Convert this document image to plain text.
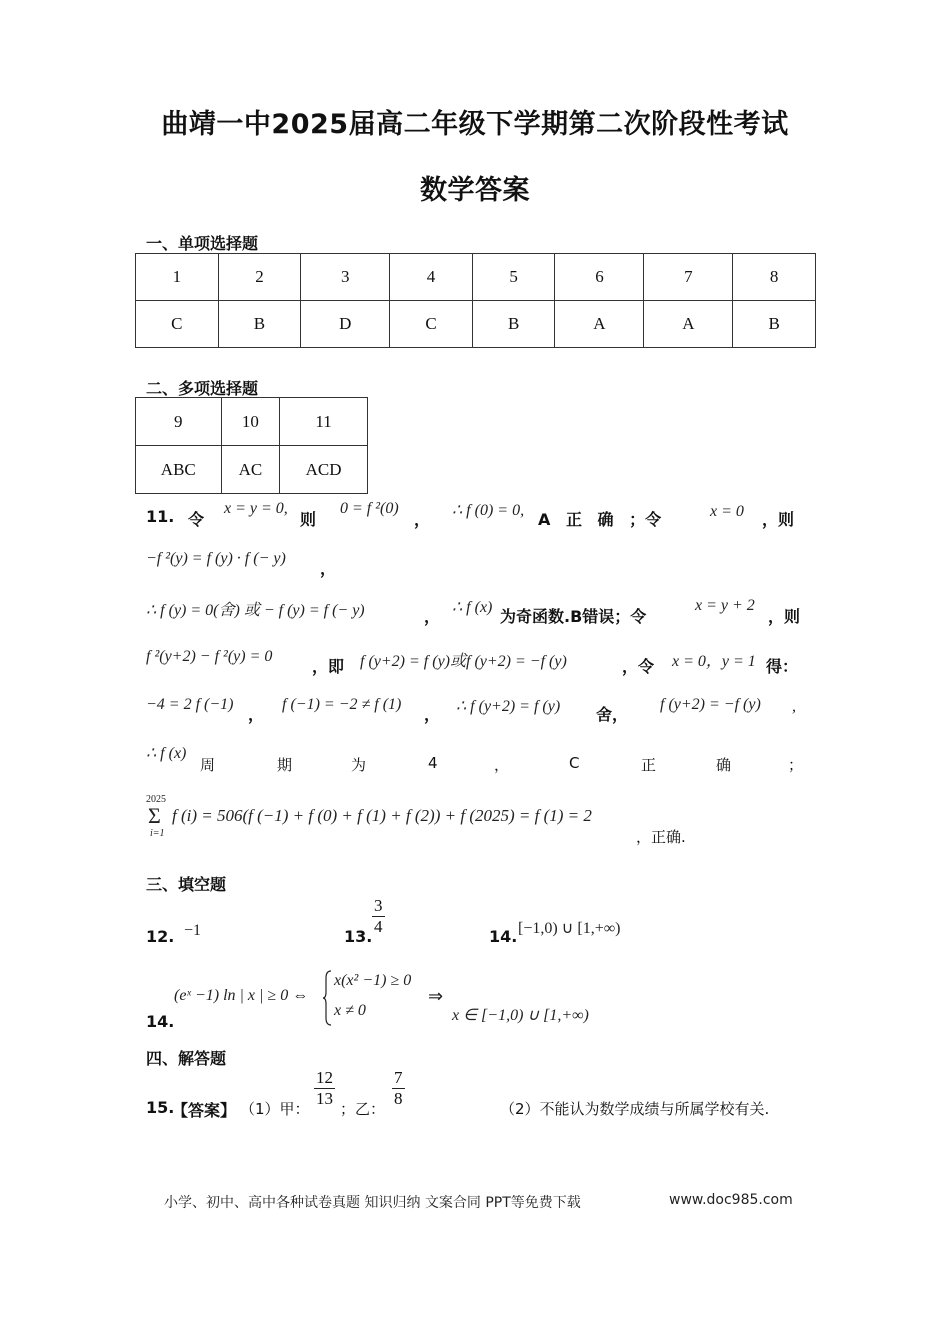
曲靖一中2025届高二年级下学期第二次阶段性考试
数学答案
一、单项选择题
1	2	3	4	5	6	7	8
C	B	D	C	B	A	A	B
二、多项选择题
9	10	11
ABC	AC	ACD
11. 令
x = y = 0,
则
0 = f ²(0)
， ∴ f (0) = 0, A 正 确 ；令	x = 0 ，则
−f ²(y) = f (y) · f (− y)
，
∴ f (y) = 0(舍) 或 − f (y) = f (− y)	， ∴ f (x) 为奇函数.B错误；令
x = y + 2
，则
f ²(y+2) − f ²(y) = 0
，即 f (y+2) = f (y)或f (y+2) = −f (y)	，令 x = 0，y = 1 得：
−4 = 2 f (−1)
，
f (−1) = −2 ≠ f (1)
， ∴ f (y+2) = f (y) 舍，
f (y+2) = −f (y) ,
∴ f (x)
周	期	为	4	，	C	正	确	；
2025
Σ
i=1
f (i) = 506(f (−1) + f (0) + f (1) + f (2)) + f (2025) = f (1) = 2
，正确.
三、填空题
12. −1	13. $\frac{3}{4}$	14. [−1,0) ∪ [1,+∞)
14.
(eˣ −1) ln | x | ≥ 0 ⇔
x(x² −1) ≥ 0
x ≠ 0
⇒
x ∈ [−1,0) ∪ [1,+∞)
四、解答题
15.
【答案】 （1）甲： $\frac{12}{13}$ ；乙： $\frac{7}{8}$	（2）不能认为数学成绩与所属学校有关.
小学、初中、高中各种试卷真题 知识归纳 文案合同 PPT等免费下载	www.doc985.com
